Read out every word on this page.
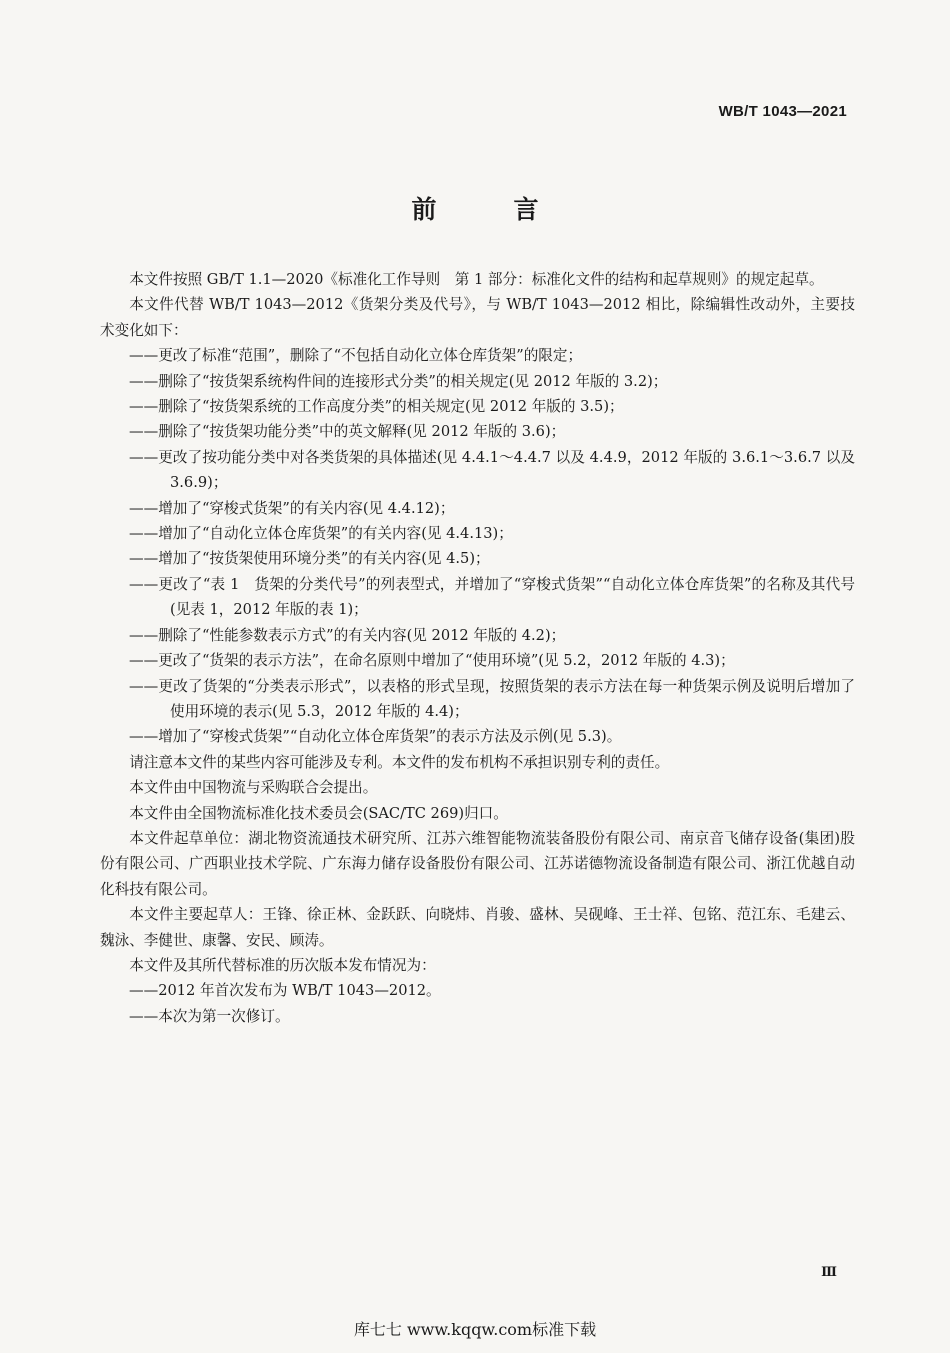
WB/T 1043—2021
前　言

本文件按照 GB/T 1.1—2020《标准化工作导则　第 1 部分：标准化文件的结构和起草规则》的规定起草。

本文件代替 WB/T 1043—2012《货架分类及代号》，与 WB/T 1043—2012 相比，除编辑性改动外，主要技术变化如下：

——更改了标准“范围”，删除了“不包括自动化立体仓库货架”的限定；

——删除了“按货架系统构件间的连接形式分类”的相关规定(见 2012 年版的 3.2)；

——删除了“按货架系统的工作高度分类”的相关规定(见 2012 年版的 3.5)；

——删除了“按货架功能分类”中的英文解释(见 2012 年版的 3.6)；

——更改了按功能分类中对各类货架的具体描述(见 4.4.1～4.4.7 以及 4.4.9，2012 年版的 3.6.1～3.6.7 以及 3.6.9)；

——增加了“穿梭式货架”的有关内容(见 4.4.12)；

——增加了“自动化立体仓库货架”的有关内容(见 4.4.13)；

——增加了“按货架使用环境分类”的有关内容(见 4.5)；

——更改了“表 1　货架的分类代号”的列表型式，并增加了“穿梭式货架”“自动化立体仓库货架”的名称及其代号(见表 1，2012 年版的表 1)；

——删除了“性能参数表示方式”的有关内容(见 2012 年版的 4.2)；

——更改了“货架的表示方法”，在命名原则中增加了“使用环境”(见 5.2，2012 年版的 4.3)；

——更改了货架的“分类表示形式”，以表格的形式呈现，按照货架的表示方法在每一种货架示例及说明后增加了使用环境的表示(见 5.3，2012 年版的 4.4)；

——增加了“穿梭式货架”“自动化立体仓库货架”的表示方法及示例(见 5.3)。

请注意本文件的某些内容可能涉及专利。本文件的发布机构不承担识别专利的责任。

本文件由中国物流与采购联合会提出。

本文件由全国物流标准化技术委员会(SAC/TC 269)归口。

本文件起草单位：湖北物资流通技术研究所、江苏六维智能物流装备股份有限公司、南京音飞储存设备(集团)股份有限公司、广西职业技术学院、广东海力储存设备股份有限公司、江苏诺德物流设备制造有限公司、浙江优越自动化科技有限公司。

本文件主要起草人：王锋、徐正林、金跃跃、向晓炜、肖骏、盛林、吴砚峰、王士祥、包铭、范江东、毛建云、魏泳、李健世、康馨、安民、顾涛。

本文件及其所代替标准的历次版本发布情况为：

——2012 年首次发布为 WB/T 1043—2012。

——本次为第一次修订。

Ⅲ
库七七 www.kqqw.com标准下载
